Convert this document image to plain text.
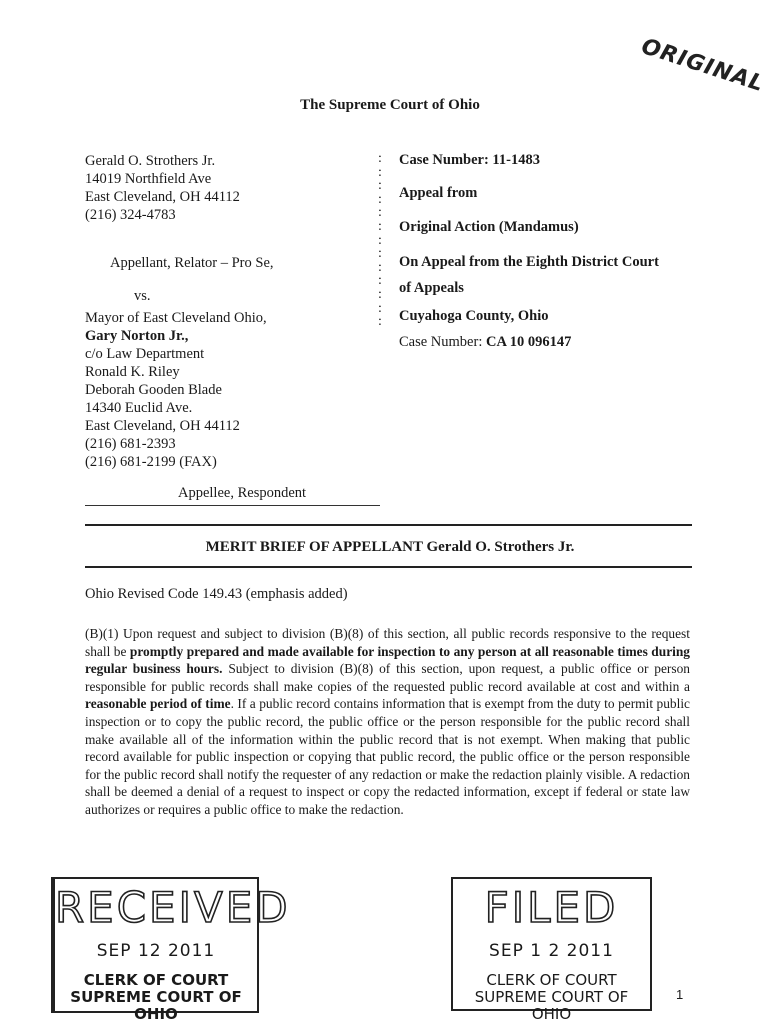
ORIGINAL
The Supreme Court of Ohio
Gerald O. Strothers Jr.
14019 Northfield Ave
East Cleveland, OH 44112
(216) 324-4783
Appellant, Relator – Pro Se,
vs.
Mayor of East Cleveland Ohio,
Gary Norton Jr.,
c/o Law Department
Ronald K. Riley
Deborah Gooden Blade
14340 Euclid Ave.
East Cleveland, OH 44112
(216) 681-2393
(216) 681-2199 (FAX)
Appellee, Respondent
:
:
:
:
:
:
:
:
:
:
:
:
:
Case Number: 11-1483
Appeal from
Original Action (Mandamus)
On Appeal from the Eighth District Court
of Appeals
Cuyahoga County, Ohio
Case Number: CA 10 096147
MERIT BRIEF OF APPELLANT Gerald O. Strothers Jr.
Ohio Revised Code 149.43 (emphasis added)
(B)(1) Upon request and subject to division (B)(8) of this section, all public records responsive to the request shall be promptly prepared and made available for inspection to any person at all reasonable times during regular business hours. Subject to division (B)(8) of this section, upon request, a public office or person responsible for public records shall make copies of the requested public record available at cost and within a reasonable period of time. If a public record contains information that is exempt from the duty to permit public inspection or to copy the public record, the public office or the person responsible for the public record shall make available all of the information within the public record that is not exempt. When making that public record available for public inspection or copying that public record, the public office or the person responsible for the public record shall notify the requester of any redaction or make the redaction plainly visible. A redaction shall be deemed a denial of a request to inspect or copy the redacted information, except if federal or state law authorizes or requires a public office to make the redaction.
RECEIVED
SEP 12 2011
CLERK OF COURT
SUPREME COURT OF OHIO
FILED
SEP 1 2 2011
CLERK OF COURT
SUPREME COURT OF OHIO
1
